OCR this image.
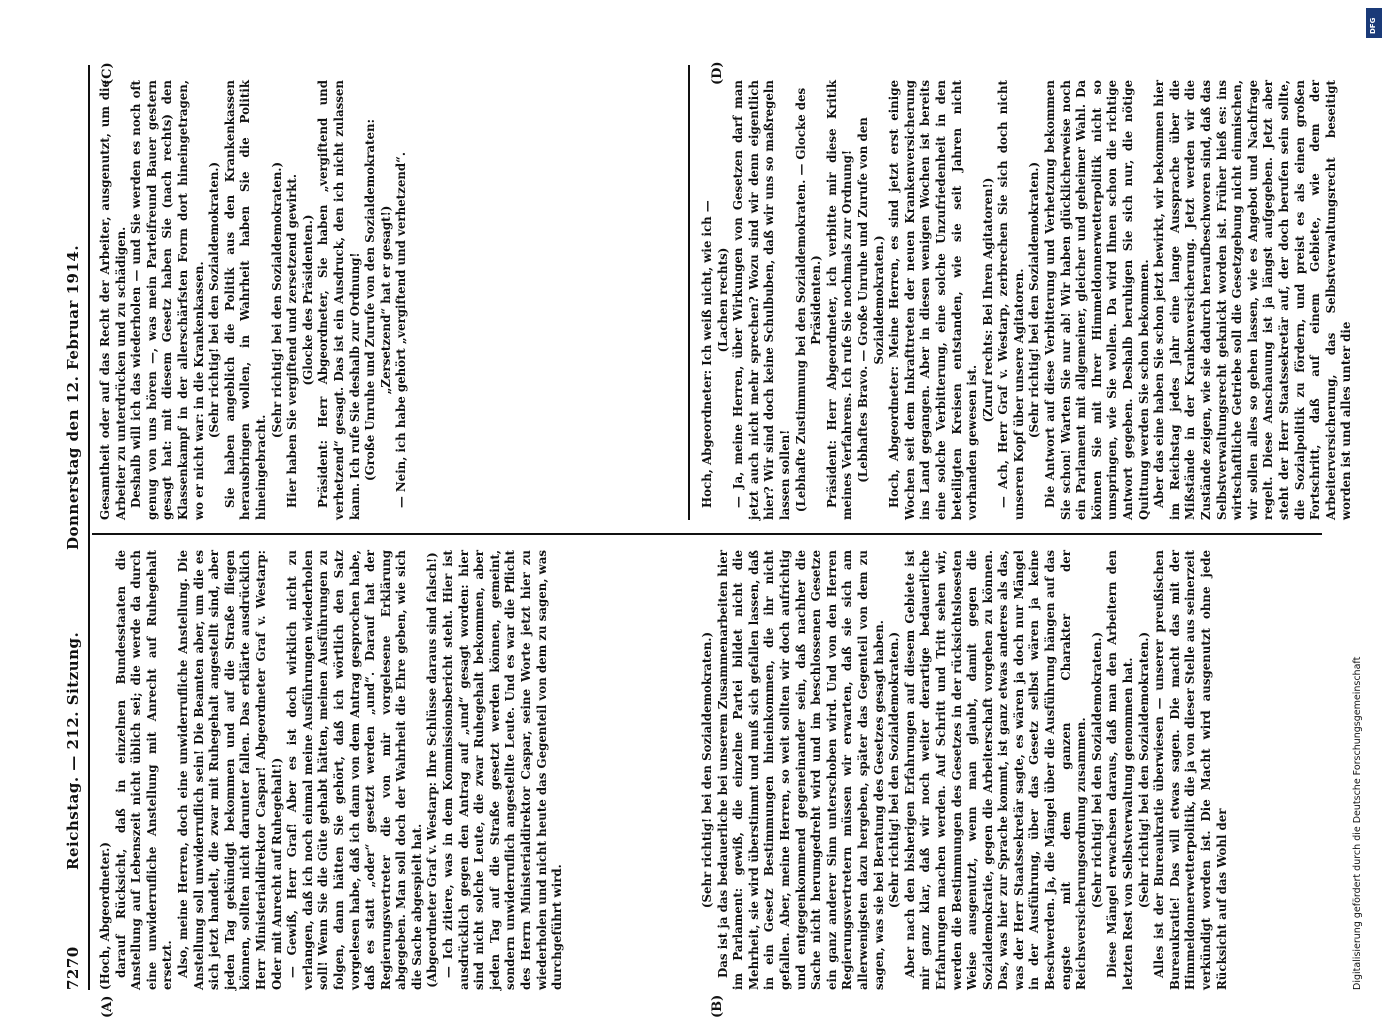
7270
Reichstag. — 212. Sitzung.
Donnerstag den 12. Februar 1914.
(A)	(B)
(C)	(D)

(Hoch, Abgeordneter.) darauf Rücksicht, daß in einzelnen Bundesstaaten die Anstellung auf Lebenszeit nicht üblich sei; die werde da durch eine unwiderrufliche Anstellung mit Anrecht auf Ruhegehalt ersetzt. Also, meine Herren, doch eine unwiderrufliche Anstellung. Die Anstellung soll unwiderruflich sein! Die Beamten aber, um die es sich jetzt handelt, die zwar mit Ruhegehalt angestellt sind, aber jeden Tag gekündigt bekommen und auf die Straße fliegen können, sollten nicht darunter fallen. Das erklärte ausdrücklich Herr Ministerialdirektor Caspar! Abgeordneter Graf v. Westarp: Oder mit Anrecht auf Ruhegehalt!) — Gewiß, Herr Graf! Aber es ist doch wirklich nicht zu verlangen, daß ich noch einmal meine Ausführungen wiederholen soll! Wenn Sie die Güte gehabt hätten, meinen Ausführungen zu folgen, dann hätten Sie gehört, daß ich wörtlich den Satz vorgelesen habe, daß ich dann von dem Antrag gesprochen habe, daß es statt „oder“ gesetzt werden „und“. Darauf hat der Regierungsvertreter die von mir vorgelesene Erklärung abgegeben. Man soll doch der Wahrheit die Ehre geben, wie sich die Sache abgespielt hat. (Abgeordneter Graf v. Westarp: Ihre Schlüsse daraus sind falsch!) — Ich zitiere, was in dem Kommissionsbericht steht. Hier ist ausdrücklich gegen den Antrag auf „und“ gesagt worden: hier sind nicht solche Leute, die zwar Ruhegehalt bekommen, aber jeden Tag auf die Straße gesetzt werden können, gemeint, sondern unwiderruflich angestellte Leute. Und es war die Pflicht des Herrn Ministerialdirektor Caspar, seine Worte jetzt hier zu wiederholen und nicht heute das Gegenteil von dem zu sagen, was durchgeführt wird.

(Sehr richtig! bei den Sozialdemokraten.) Das ist ja das bedauerliche bei unserem Zusammenarbeiten hier im Parlament: gewiß, die einzelne Partei bildet nicht die Mehrheit, sie wird überstimmt und muß sich gefallen lassen, daß in ein Gesetz Bestimmungen hineinkommen, die ihr nicht gefallen. Aber, meine Herren, so weit sollten wir doch aufrichtig und entgegenkommend gegeneinander sein, daß nachher die Sache nicht herumgedreht wird und im beschlossenen Gesetze ein ganz anderer Sinn unterschoben wird. Und von den Herren Regierungsvertretern müssen wir erwarten, daß sie sich am allerwenigsten dazu hergeben, später das Gegenteil von dem zu sagen, was sie bei Beratung des Gesetzes gesagt haben. (Sehr richtig! bei den Sozialdemokraten.) Aber nach den bisherigen Erfahrungen auf diesem Gebiete ist mir ganz klar, daß wir noch weiter derartige bedauerliche Erfahrungen machen werden. Auf Schritt und Tritt sehen wir, werden die Bestimmungen des Gesetzes in der rücksichtslosesten Weise ausgenutzt, wenn man glaubt, damit gegen die Sozialdemokratie, gegen die Arbeiterschaft vorgehen zu können. Das, was hier zur Sprache kommt, ist ganz etwas anderes als das, was der Herr Staatssekretär sagte, es wären ja doch nur Mängel in der Ausführung, über das Gesetz selbst wären ja keine Beschwerden. Ja, die Mängel über die Ausführung hängen auf das engste mit dem ganzen Charakter der Reichsversicherungsordnung zusammen. (Sehr richtig! bei den Sozialdemokraten.) Diese Mängel erwachsen daraus, daß man den Arbeitern den letzten Rest von Selbstverwaltung genommen hat. (Sehr richtig! bei den Sozialdemokraten.) Alles ist der Bureaukratie überwiesen — unserer preußischen Bureaukratie! Das will etwas sagen. Die macht das mit der Himmeldonnerwetterpolitik, die ja von dieser Stelle aus seinerzeit verkündigt worden ist. Die Macht wird ausgenutzt ohne jede Rücksicht auf das Wohl der

Gesamtheit oder auf das Recht der Arbeiter, ausgenutzt, um die Arbeiter zu unterdrücken und zu schädigen. Deshalb will ich das wiederholen — und Sie werden es noch oft genug von uns hören —, was mein Parteifreund Bauer gestern gesagt hat: mit diesem Gesetz haben Sie (nach rechts) den Klassenkampf in der allerschärfsten Form dort hineingetragen, wo er nicht war: in die Krankenkassen. (Sehr richtig! bei den Sozialdemokraten.) Sie haben angeblich die Politik aus den Krankenkassen herausbringen wollen, in Wahrheit haben Sie die Politik hineingebracht.

(Sehr richtig! bei den Sozialdemokraten.) Hier haben Sie vergiftend und zersetzend gewirkt. (Glocke des Präsidenten.) Präsident: Herr Abgeordneter, Sie haben „vergiftend und verhetzend“ gesagt. Das ist ein Ausdruck, den ich nicht zulassen kann. Ich rufe Sie deshalb zur Ordnung! (Große Unruhe und Zurufe von den Sozialdemokraten: „Zersetzend“ hat er gesagt!) — Nein, ich habe gehört „vergiftend und verhetzend“.	Hoch, Abgeordneter: Ich weiß nicht, wie ich — (Lachen rechts) — Ja, meine Herren, über Wirkungen von Gesetzen darf man jetzt auch nicht mehr sprechen? Wozu sind wir denn eigentlich hier? Wir sind doch keine Schulbuben, daß wir uns so maßregeln lassen sollen! (Lebhafte Zustimmung bei den Sozialdemokraten. — Glocke des Präsidenten.) Präsident: Herr Abgeordneter, ich verbitte mir diese Kritik meines Verfahrens. Ich rufe Sie nochmals zur Ordnung! (Lebhaftes Bravo. — Große Unruhe und Zurufe von den Sozialdemokraten.) Hoch, Abgeordneter: Meine Herren, es sind jetzt erst einige Wochen seit dem Inkrafttreten der neuen Krankenversicherung ins Land gegangen. Aber in diesen wenigen Wochen ist bereits eine solche Verbitterung, eine solche Unzufriedenheit in den beteiligten Kreisen entstanden, wie sie seit Jahren nicht vorhanden gewesen ist.

(Zuruf rechts: Bei Ihren Agitatoren!) — Ach, Herr Graf v. Westarp, zerbrechen Sie sich doch nicht unseren Kopf über unsere Agitatoren. (Sehr richtig! bei den Sozialdemokraten.) Die Antwort auf diese Verbitterung und Verhetzung bekommen Sie schon! Warten Sie nur ab! Wir haben glücklicherweise noch ein Parlament mit allgemeiner, gleicher und geheimer Wahl. Da können Sie mit Ihrer Himmeldonnerwetterpolitik nicht so umspringen, wie Sie wollen. Da wird Ihnen schon die richtige Antwort gegeben. Deshalb beruhigen Sie sich nur, die nötige Quittung werden Sie schon bekommen. Aber das eine haben Sie schon jetzt bewirkt, wir bekommen hier im Reichstag jedes Jahr eine lange Aussprache über die Mißstände in der Krankenversicherung. Jetzt werden wir die Zustände zeigen, wie sie dadurch heraufbeschworen sind, daß das Selbstverwaltungsrecht geknickt worden ist. Früher hieß es: ins wirtschaftliche Getriebe soll die Gesetzgebung nicht einmischen, wir sollen alles so gehen lassen, wie es Angebot und Nachfrage regelt. Diese Anschauung ist ja längst aufgegeben. Jetzt aber steht der Herr Staatssekretär auf, der doch berufen sein sollte, die Sozialpolitik zu fördern, und preist es als einen großen Fortschritt, daß auf einem Gebiete, wie dem der Arbeiterversicherung, das Selbstverwaltungsrecht beseitigt worden ist und alles unter die

Digitalisierung gefördert durch die Deutsche Forschungsgemeinschaft
DFG
